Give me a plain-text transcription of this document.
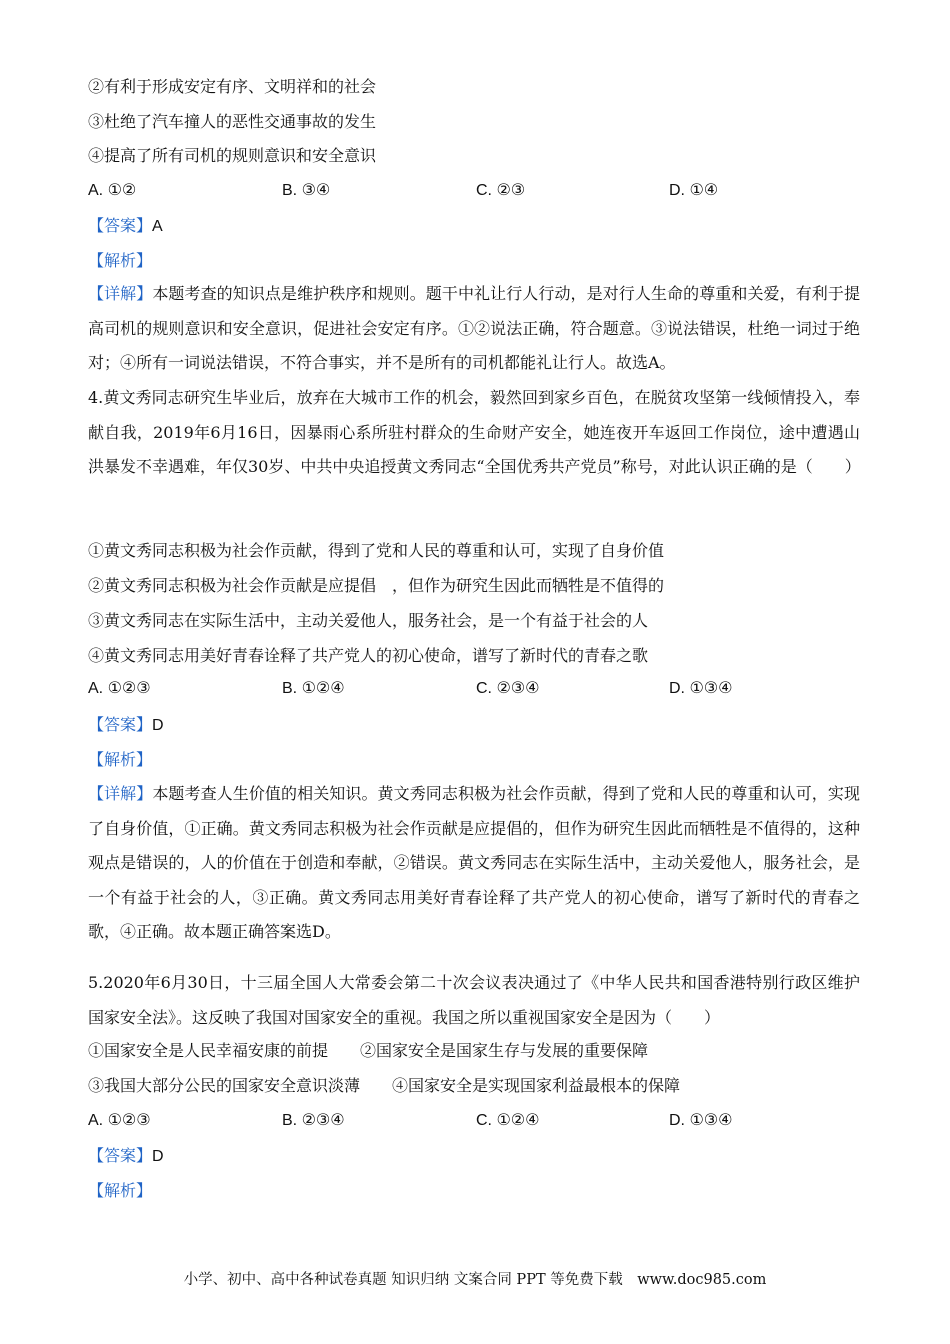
②有利于形成安定有序、文明祥和的社会
③杜绝了汽车撞人的恶性交通事故的发生
④提高了所有司机的规则意识和安全意识
A. ①②	B. ③④	C. ②③	D. ①④
【答案】A
【解析】
【详解】本题考查的知识点是维护秩序和规则。题干中礼让行人行动，是对行人生命的尊重和关爱，有利于提高司机的规则意识和安全意识，促进社会安定有序。①②说法正确，符合题意。③说法错误，杜绝一词过于绝对；④所有一词说法错误，不符合事实，并不是所有的司机都能礼让行人。故选A。
4.黄文秀同志研究生毕业后，放弃在大城市工作的机会，毅然回到家乡百色，在脱贫攻坚第一线倾情投入，奉献自我，2019年6月16日，因暴雨心系所驻村群众的生命财产安全，她连夜开车返回工作岗位，途中遭遇山洪暴发不幸遇难，年仅30岁、中共中央追授黄文秀同志“全国优秀共产党员”称号，对此认识正确的是（　　）
①黄文秀同志积极为社会作贡献，得到了党和人民的尊重和认可，实现了自身价值
②黄文秀同志积极为社会作贡献是应提倡　，但作为研究生因此而牺牲是不值得的
③黄文秀同志在实际生活中，主动关爱他人，服务社会，是一个有益于社会的人
④黄文秀同志用美好青春诠释了共产党人的初心使命，谱写了新时代的青春之歌
A. ①②③	B. ①②④	C. ②③④	D. ①③④
【答案】D
【解析】
【详解】本题考查人生价值的相关知识。黄文秀同志积极为社会作贡献，得到了党和人民的尊重和认可，实现了自身价值，①正确。黄文秀同志积极为社会作贡献是应提倡的，但作为研究生因此而牺牲是不值得的，这种观点是错误的，人的价值在于创造和奉献，②错误。黄文秀同志在实际生活中，主动关爱他人，服务社会，是一个有益于社会的人，③正确。黄文秀同志用美好青春诠释了共产党人的初心使命，谱写了新时代的青春之歌，④正确。故本题正确答案选D。
5.2020年6月30日，十三届全国人大常委会第二十次会议表决通过了《中华人民共和国香港特别行政区维护国家安全法》。这反映了我国对国家安全的重视。我国之所以重视国家安全是因为（　　）
①国家安全是人民幸福安康的前提　　②国家安全是国家生存与发展的重要保障
③我国大部分公民的国家安全意识淡薄　　④国家安全是实现国家利益最根本的保障
A. ①②③	B. ②③④	C. ①②④	D. ①③④
【答案】D
【解析】
小学、初中、高中各种试卷真题 知识归纳 文案合同 PPT 等免费下载　www.doc985.com
